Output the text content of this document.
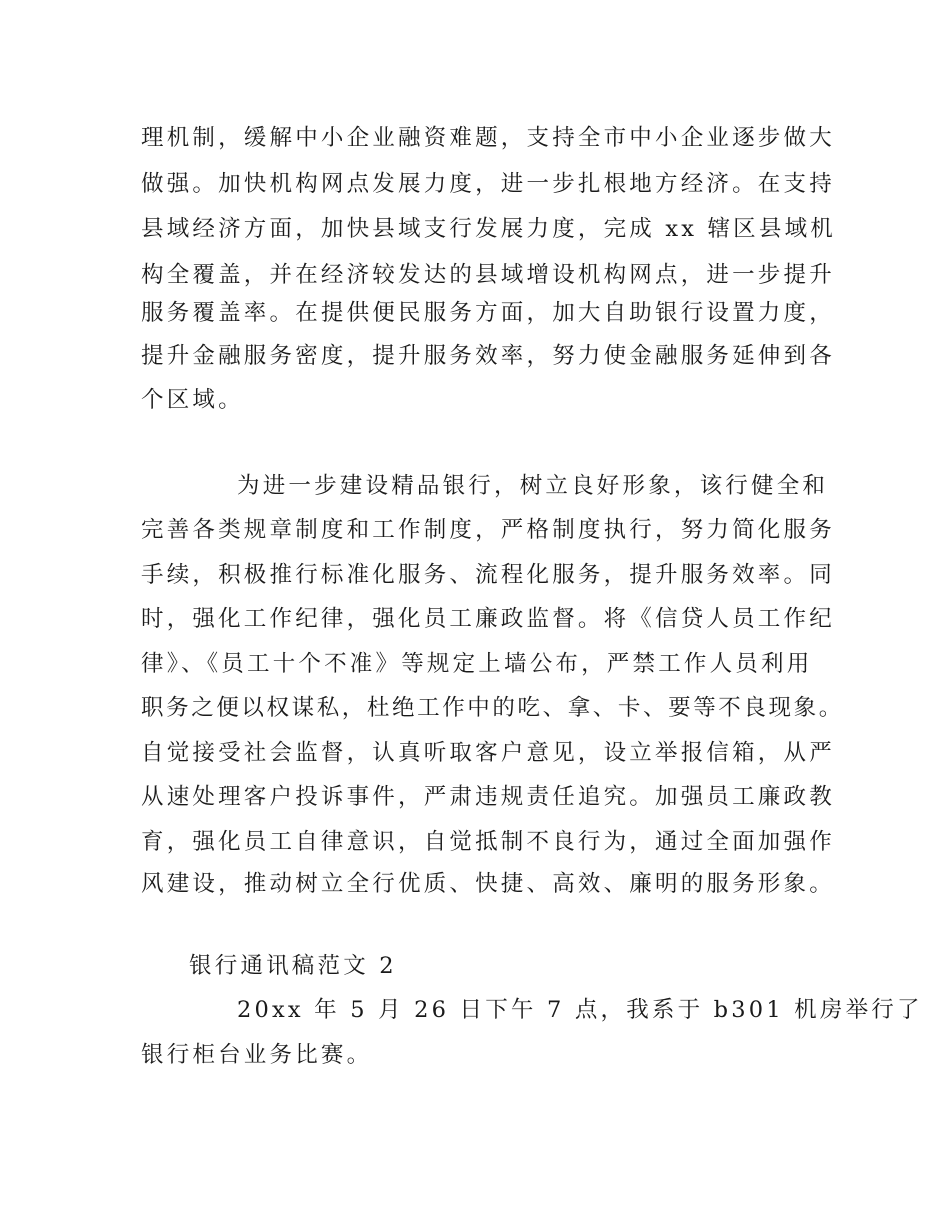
理机制，缓解中小企业融资难题，支持全市中小企业逐步做大
做强。加快机构网点发展力度，进一步扎根地方经济。在支持
县域经济方面，加快县域支行发展力度，完成 xx 辖区县域机
构全覆盖，并在经济较发达的县域增设机构网点，进一步提升
服务覆盖率。在提供便民服务方面，加大自助银行设置力度，
提升金融服务密度，提升服务效率，努力使金融服务延伸到各
个区域。
为进一步建设精品银行，树立良好形象，该行健全和
完善各类规章制度和工作制度，严格制度执行，努力简化服务
手续，积极推行标准化服务、流程化服务，提升服务效率。同
时，强化工作纪律，强化员工廉政监督。将《信贷人员工作纪
律》、《员工十个不准》等规定上墙公布，严禁工作人员利用
职务之便以权谋私，杜绝工作中的吃、拿、卡、要等不良现象。
自觉接受社会监督，认真听取客户意见，设立举报信箱，从严
从速处理客户投诉事件，严肃违规责任追究。加强员工廉政教
育，强化员工自律意识，自觉抵制不良行为，通过全面加强作
风建设，推动树立全行优质、快捷、高效、廉明的服务形象。
银行通讯稿范文 2
20xx 年 5 月 26 日下午 7 点，我系于 b301 机房举行了
银行柜台业务比赛。
